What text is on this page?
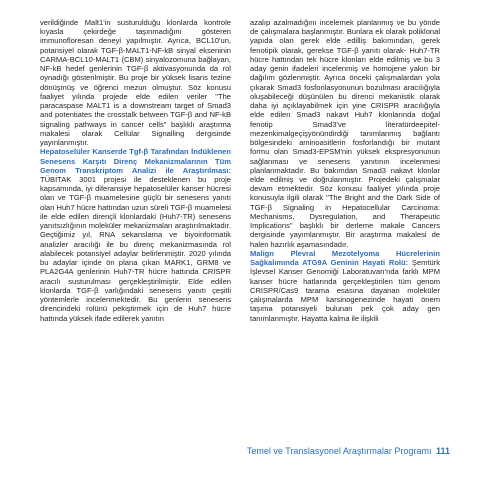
verildiğinde Malt1'in susturulduğu klonlarda kontrole kıyasla çekirdeğe taşınmadığını gösteren immunofloresan deneyi yapılmıştır. Ayrıca, BCL10'un, potansiyel olarak TGF-β-MALT1-NF-kB sinyal ekseninin CARMA-BCL10-MALT1 (CBM) sinyalozomuna bağlayan, NF-kB hedef genlerinin TGF-β aktivasyonunda da rol oynadığı gösterilmiştir. Bu proje bir yüksek lisans tezine dönüşmüş ve öğrenci mezun olmuştur. Söz konusu faaliyet yılında projede elde edilen veriler "The paracaspase MALT1 is a downstream target of Smad3 and potentiates the crosstalk between TGF-β and NF-kB signaling pathways in cancer cells" başlıklı araştırma makalesi olarak Cellular Signalling dergisinde yayınlanmıştır.

Hepatoselüler Kanserde Tgf-β Tarafından İndüklenen Senesens Karşıtı Direnç Mekanizmalarının Tüm Genom Transkriptom Analizi ile Araştırılması: TÜBİTAK 3001 projesi ile desteklenen bu proje kapsamında, iyi diferansiye hepatoselüler kanser hücresi olan ve TGF-β muamelesine güçlü bir senesens yanıtı olan Huh7 hücre hattından uzun süreli TGF-β muamelesi ile elde edilen dirençli klonlardaki (Huh7-TR) senesens yanıtsızlığının moleküler mekanizmaları araştırılmaktadır. Geçtiğimiz yıl, RNA sekanslama ve biyoinformatik analizler aracılığı ile bu direnç mekanizmasında rol alabilecek potansiyel adaylar belirlenmiştir. 2020 yılında bu adaylar içinde ön plana çıkan MARK1, GRM8 ve PLA2G4A genlerinin Huh7-TR hücre hattında CRISPR aracılı susturulması gerçekleştirilmiştir. Elde edilen klonlarda TGF-β varlığındaki senesens yanıtı çeşitli yöntemlerle incelenmektedir. Bu genlerin senesens direncindeki rolünü pekiştirmek için de Huh7 hücre hattında yüksek ifade edilerek yanıtın

azalıp azalmadığını incelemek planlanmış ve bu yönde de çalışmalara başlanmıştır. Bunlara ek olarak poliklonal yapıda olan gerek elde edilliş bakımından, gerek fenotipik olarak, gerekse TGF-β yanıtı olarak- Huh7-TR hücre hattından tek hücre klonları elde edilmiş ve bu 3 aday genin ifadeleri incelenmiş ve homojene yakın bir dağılım gözlenmiştir. Ayrıca önceki çalışmalardan yola çıkarak Smad3 fosforilasyonunun bozulması aracılığıyla oluşabileceği düşünülen bu direnci mekanistik olarak daha iyi açıklayabilmek için yine CRISPR aracılığıyla elde edilen Smad3 nakavt Huh7 klonlarında doğal fenotip Smad3've literatürdeepitel-mezenkimalgeçişyönündirdiği tanımlanmış bağlantı bölgesindeki aminoasitlerin fosforlandığı bir mutant formu olan Smad3-EPSM'nin yüksek ekspresyonunun sağlanması ve senesens yanıtının incelenmesi planlanmaktadır. Bu bakımdan Smad3 nakavt klonlar elde edilmiş ve doğrulanmıştır. Projedeki çalışmalar devam etmektedir. Söz konusu faaliyet yılında proje konusuyla ilgili olarak "The Bright and the Dark Side of TGF-β Signaling in Hepatocellular Carcinoma: Mechanisms, Dysregulation, and Therapeutic Implications" başlıklı bir derleme makale Cancers dergisinde yayımlanmıştır. Bir araştırma makalesi de halen hazırlık aşamasındadır.

Malign Plevral Mezotelyoma Hücrelerinin Sağkalımında ATG9A Geninin Hayati Rolü: Şemtürk İşlevsel Kanser Genomiği Laboratuvarı'nda farklı MPM kanser hücre hatlarında gerçekleştirilen tüm genom CRISPR/Cas9 tarama esasına dayanan moleküler çalışmalarda MPM karsinogenezinde hayati önem taşıma potansiyeli bulunan pek çok aday gen tanımlanmıştır. Hayatta kalma ile ilişkili

Temel ve Translasyonel Araştırmalar Programı 111
